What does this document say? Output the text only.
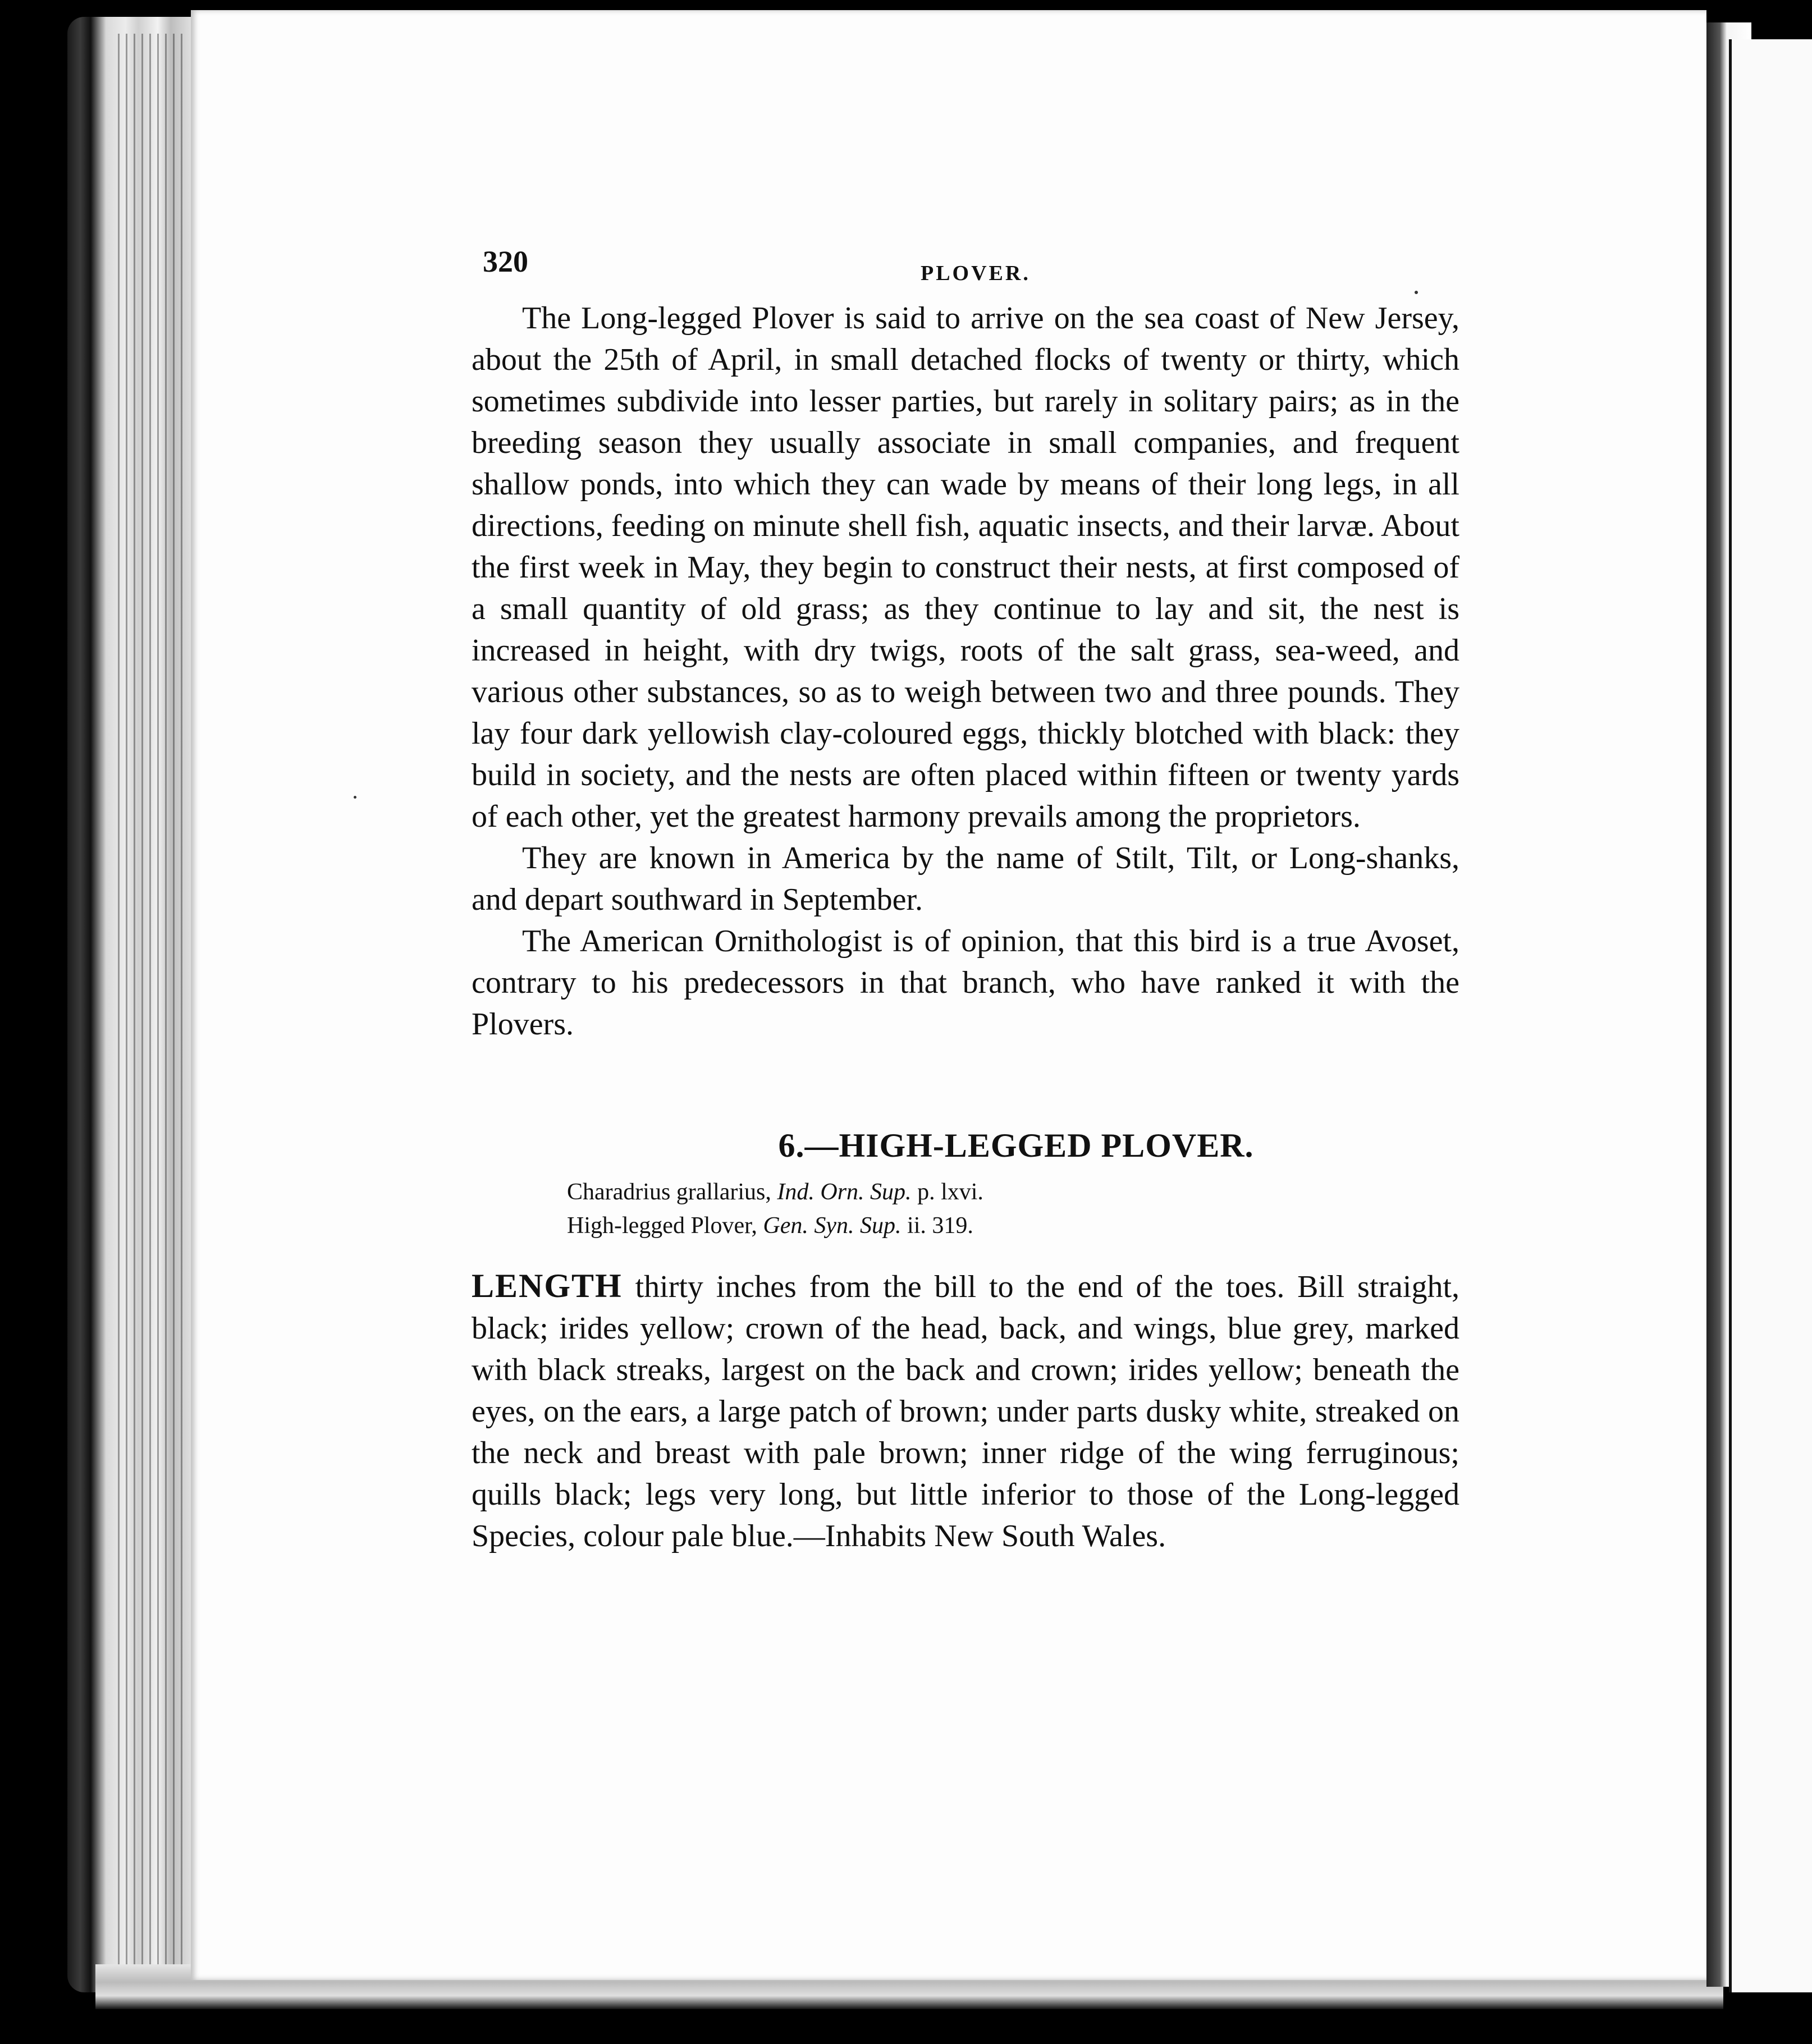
320	PLOVER.

The Long-legged Plover is said to arrive on the sea coast of New Jersey, about the 25th of April, in small detached flocks of twenty or thirty, which sometimes subdivide into lesser parties, but rarely in solitary pairs; as in the breeding season they usually associate in small companies, and frequent shallow ponds, into which they can wade by means of their long legs, in all directions, feeding on minute shell fish, aquatic insects, and their larvæ. About the first week in May, they begin to construct their nests, at first composed of a small quantity of old grass; as they continue to lay and sit, the nest is increased in height, with dry twigs, roots of the salt grass, sea-weed, and various other substances, so as to weigh between two and three pounds. They lay four dark yellowish clay-coloured eggs, thickly blotched with black: they build in society, and the nests are often placed within fifteen or twenty yards of each other, yet the greatest harmony prevails among the proprietors.

They are known in America by the name of Stilt, Tilt, or Long-shanks, and depart southward in September.

The American Ornithologist is of opinion, that this bird is a true Avoset, contrary to his predecessors in that branch, who have ranked it with the Plovers.

6.—HIGH-LEGGED PLOVER.
Charadrius grallarius, Ind. Orn. Sup. p. lxvi.
High-legged Plover, Gen. Syn. Sup. ii. 319.

LENGTH thirty inches from the bill to the end of the toes. Bill straight, black; irides yellow; crown of the head, back, and wings, blue grey, marked with black streaks, largest on the back and crown; irides yellow; beneath the eyes, on the ears, a large patch of brown; under parts dusky white, streaked on the neck and breast with pale brown; inner ridge of the wing ferruginous; quills black; legs very long, but little inferior to those of the Long-legged Species, colour pale blue.—Inhabits New South Wales.
